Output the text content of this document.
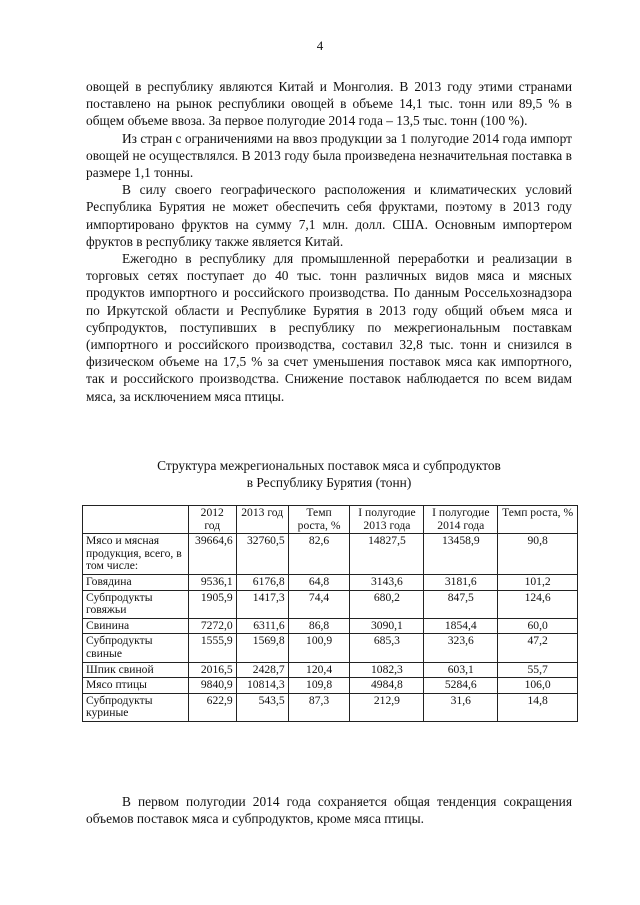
4

овощей в республику являются Китай и Монголия. В 2013 году этими странами поставлено на рынок республики овощей в объеме 14,1 тыс. тонн или 89,5 % в общем объеме ввоза. За первое полугодие 2014 года – 13,5 тыс. тонн (100 %).

Из стран с ограничениями на ввоз продукции за 1 полугодие 2014 года импорт овощей не осуществлялся. В 2013 году была произведена незначительная поставка в размере 1,1 тонны.

В силу своего географического расположения и климатических условий Республика Бурятия не может обеспечить себя фруктами, поэтому в 2013 году импортировано фруктов на сумму 7,1 млн. долл. США. Основным импортером фруктов в республику также является Китай.

Ежегодно в республику для промышленной переработки и реализации в торговых сетях поступает до 40 тыс. тонн различных видов мяса и мясных продуктов импортного и российского производства. По данным Россельхознадзора по Иркутской области и Республике Бурятия в 2013 году общий объем мяса и субпродуктов, поступивших в республику по межрегиональным поставкам (импортного и российского производства, составил 32,8 тыс. тонн и снизился в физическом объеме на 17,5 % за счет уменьшения поставок мяса как импортного, так и российского производства. Снижение поставок наблюдается по всем видам мяса, за исключением мяса птицы.

Структура межрегиональных поставок мяса и субпродуктов
в Республику Бурятия (тонн)
	2012 год	2013 год	Темп роста, %	I полугодие 2013 года	I полугодие 2014 года	Темп роста, %
Мясо и мясная продукция, всего, в том числе:	39664,6	32760,5	82,6	14827,5	13458,9	90,8
Говядина	9536,1	6176,8	64,8	3143,6	3181,6	101,2
Субпродукты говяжьи	1905,9	1417,3	74,4	680,2	847,5	124,6
Свинина	7272,0	6311,6	86,8	3090,1	1854,4	60,0
Субпродукты свиные	1555,9	1569,8	100,9	685,3	323,6	47,2
Шпик свиной	2016,5	2428,7	120,4	1082,3	603,1	55,7
Мясо птицы	9840,9	10814,3	109,8	4984,8	5284,6	106,0
Субпродукты куриные	622,9	543,5	87,3	212,9	31,6	14,8

В первом полугодии 2014 года сохраняется общая тенденция сокращения объемов поставок мяса и субпродуктов, кроме мяса птицы.
